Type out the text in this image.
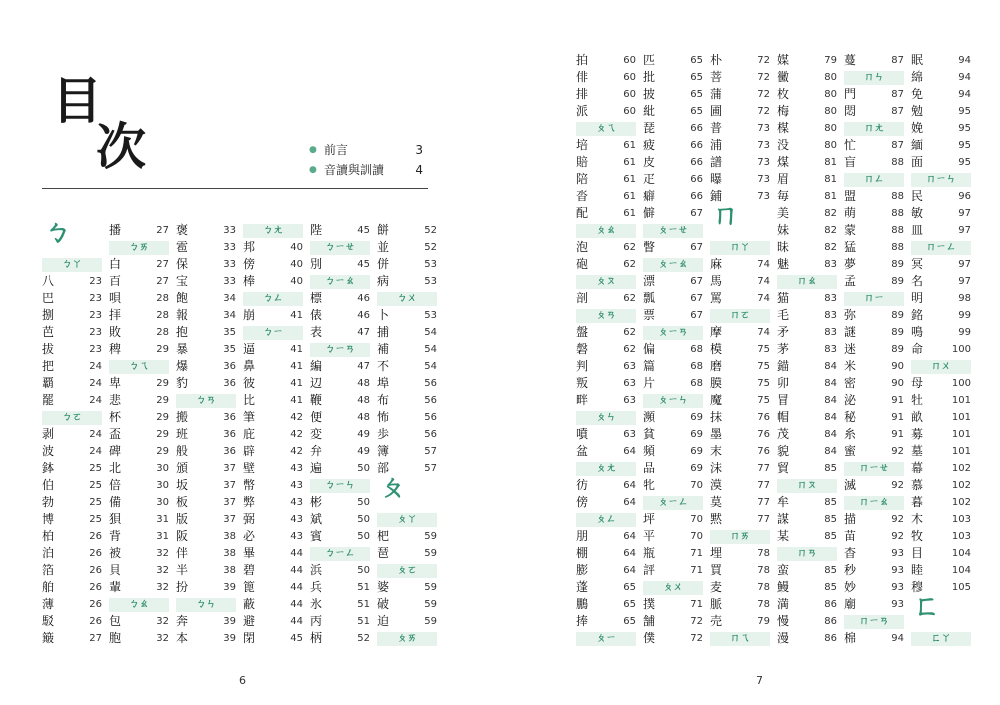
目
次	● 前言	3
● 音讀與訓讀	4
ㄅ
ㄅㄚ
八	23
巴	23
捌	23
芭	23
拔	23
把	24
覇	24
罷	24
ㄅㄛ
剥	24
波	24
鉢	25
伯	25
勃	25
博	25
柏	26
泊	26
箔	26
舶	26
薄	26
駁	26
簸	27
播	27
ㄅㄞ
白	27
百	27
唄	28
拝	28
敗	28
稗	29
ㄅㄟ
卑	29
悲	29
杯	29
盃	29
碑	29
北	30
倍	30
備	30
狽	31
背	31
被	32
貝	32
輩	32
ㄅㄠ
包	32
胞	32
褒	33
雹	33
保	33
宝	33
飽	34
報	34
抱	35
暴	35
爆	36
豹	36
ㄅㄢ
搬	36
班	36
般	36
頒	37
坂	37
板	37
版	37
阪	38
伴	38
半	38
扮	39
ㄅㄣ
奔	39
本	39
ㄅㄤ
邦	40
傍	40
棒	40
ㄅㄥ
崩	41
ㄅㄧ
逼	41
鼻	41
彼	41
比	41
筆	42
庇	42
辟	42
壁	43
幣	43
弊	43
弼	43
必	43
畢	44
碧	44
篦	44
蔽	44
避	44
閉	45
陛	45
ㄅㄧㄝ
別	45
ㄅㄧㄠ
標	46
俵	46
表	47
ㄅㄧㄢ
編	47
辺	48
鞭	48
便	48
変	49
弁	49
遍	50
ㄅㄧㄣ
彬	50
斌	50
賓	50
ㄅㄧㄥ
浜	50
兵	51
氷	51
丙	51
柄	52
餅	52
並	52
併	53
病	53
ㄅㄨ
卜	53
捕	54
補	54
不	54
埠	56
布	56
怖	56
歩	56
簿	57
部	57
ㄆ
ㄆㄚ
杷	59
琶	59
ㄆㄛ
婆	59
破	59
迫	59
ㄆㄞ
6
拍	60
俳	60
排	60
派	60
ㄆㄟ
培	61
賠	61
陪	61
沓	61
配	61
ㄆㄠ
泡	62
砲	62
ㄆㄡ
剖	62
ㄆㄢ
盤	62
磐	62
判	63
叛	63
畔	63
ㄆㄣ
噴	63
盆	64
ㄆㄤ
彷	64
傍	64
ㄆㄥ
朋	64
棚	64
膨	64
蓬	65
鵬	65
捧	65
ㄆㄧ
匹	65
批	65
披	65
紕	65
琵	66
疲	66
皮	66
疋	66
癖	66
僻	67
ㄆㄧㄝ
瞥	67
ㄆㄧㄠ
漂	67
瓢	67
票	67
ㄆㄧㄢ
偏	68
篇	68
片	68
ㄆㄧㄣ
瀕	69
貧	69
頻	69
品	69
牝	70
ㄆㄧㄥ
坪	70
平	70
瓶	71
評	71
ㄆㄨ
撲	71
舗	72
僕	72
朴	72
菩	72
蒲	72
圃	72
普	73
浦	73
譜	73
曝	73
鋪	73
ㄇ
ㄇㄚ
麻	74
馬	74
罵	74
ㄇㄛ
摩	74
模	75
磨	75
膜	75
魔	75
抹	76
墨	76
末	76
沫	77
漠	77
莫	77
黙	77
ㄇㄞ
埋	78
買	78
麦	78
脈	78
売	79
ㄇㄟ
媒	79
黴	80
枚	80
梅	80
楳	80
没	80
煤	81
眉	81
毎	81
美	82
妹	82
昧	82
魅	83
ㄇㄠ
猫	83
毛	83
矛	83
茅	83
錨	84
卯	84
冒	84
帽	84
茂	84
貌	84
貿	85
ㄇㄡ
牟	85
謀	85
某	85
ㄇㄢ
蛮	85
鰻	85
満	86
慢	86
漫	86
蔓	87
ㄇㄣ
門	87
悶	87
ㄇㄤ
忙	87
盲	88
ㄇㄥ
盟	88
萌	88
蒙	88
猛	88
夢	89
孟	89
ㄇㄧ
弥	89
謎	89
迷	89
米	90
密	90
泌	91
秘	91
糸	91
蜜	92
ㄇㄧㄝ
滅	92
ㄇㄧㄠ
描	92
苗	92
杳	93
秒	93
妙	93
廟	93
ㄇㄧㄢ
棉	94
眠	94
綿	94
免	94
勉	95
娩	95
緬	95
面	95
ㄇㄧㄣ
民	96
敏	97
皿	97
ㄇㄧㄥ
冥	97
名	97
明	98
銘	99
鳴	99
命	100
ㄇㄨ
母	100
牡	101
畝	101
募	101
墓	101
幕	102
慕	102
暮	102
木	103
牧	103
目	104
睦	104
穆	105
ㄈ
ㄈㄚ
7
